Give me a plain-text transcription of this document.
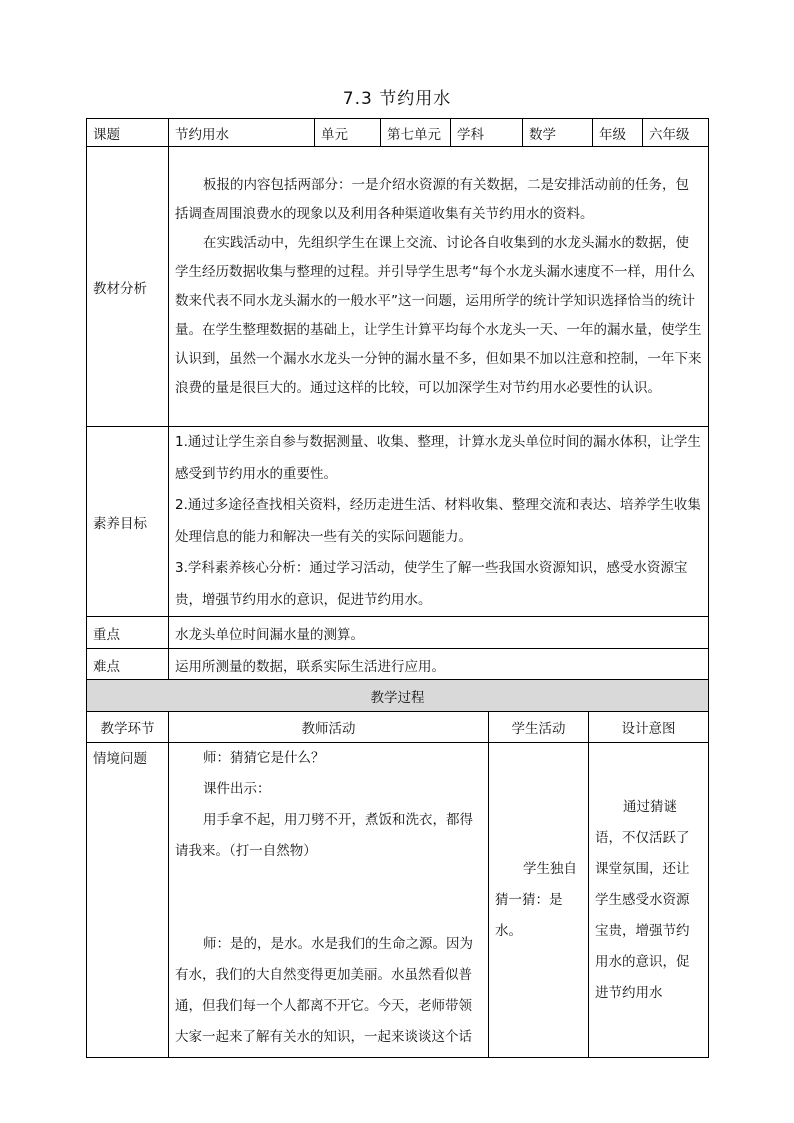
7.3 节约用水
课题	节约用水	单元	第七单元	学科	数学	年级	六年级
教材分析	板报的内容包括两部分：一是介绍水资源的有关数据，二是安排活动前的任务，包括调查周围浪费水的现象以及利用各种渠道收集有关节约用水的资料。

在实践活动中，先组织学生在课上交流、讨论各自收集到的水龙头漏水的数据，使学生经历数据收集与整理的过程。并引导学生思考“每个水龙头漏水速度不一样，用什么数来代表不同水龙头漏水的一般水平”这一问题，运用所学的统计学知识选择恰当的统计量。在学生整理数据的基础上，让学生计算平均每个水龙头一天、一年的漏水量，使学生认识到，虽然一个漏水水龙头一分钟的漏水量不多，但如果不加以注意和控制，一年下来浪费的量是很巨大的。通过这样的比较，可以加深学生对节约用水必要性的认识。						

素养目标	1.通过让学生亲自参与数据测量、收集、整理，计算水龙头单位时间的漏水体积，让学生感受到节约用水的重要性。

2.通过多途径查找相关资料，经历走进生活、材料收集、整理交流和表达、培养学生收集处理信息的能力和解决一些有关的实际问题能力。

3.学科素养核心分析：通过学习活动，使学生了解一些我国水资源知识，感受水资源宝贵，增强节约用水的意识，促进节约用水。						

重点	水龙头单位时间漏水量的测算。						
难点	运用所测量的数据，联系实际生活进行应用。						
教学过程			
教学环节	教师活动	学生活动	设计意图
情境问题	师：猜猜它是什么？

课件出示：

用手拿不起，用刀劈不开，煮饭和洗衣，都得请我来。（打一自然物）

师：是的，是水。水是我们的生命之源。因为有水，我们的大自然变得更加美丽。水虽然看似普通，但我们每一个人都离不开它。今天，老师带领大家一起来了解有关水的知识，一起来谈谈这个话	学生独自猜一猜：是水。	通过猜谜语，不仅活跃了课堂氛围，还让学生感受水资源宝贵，增强节约用水的意识，促进节约用水
